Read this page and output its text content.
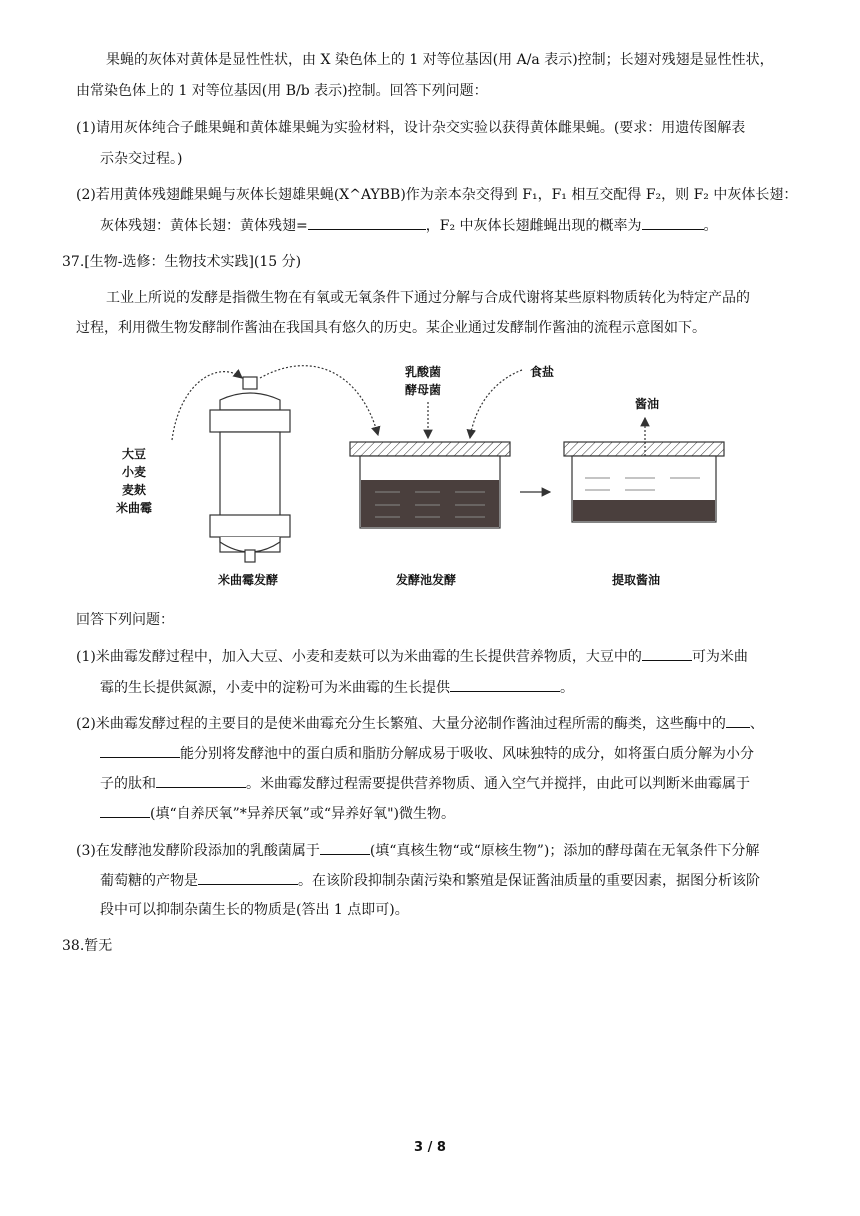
果蝇的灰体对黄体是显性性状，由 X 染色体上的 1 对等位基因(用 A/a 表示)控制；长翅对残翅是显性性状，
由常染色体上的 1 对等位基因(用 B/b 表示)控制。回答下列问题：
(1)请用灰体纯合子雌果蝇和黄体雄果蝇为实验材料，设计杂交实验以获得黄体雌果蝇。(要求：用遗传图解表
示杂交过程。)
(2)若用黄体残翅雌果蝇与灰体长翅雄果蝇(X^AYBB)作为亲本杂交得到 F₁，F₁ 相互交配得 F₂，则 F₂ 中灰体长翅：
灰体残翅：黄体长翅：黄体残翅=	，F₂ 中灰体长翅雌蝇出现的概率为	。
37.[生物-选修：生物技术实践](15 分)
工业上所说的发酵是指微生物在有氧或无氧条件下通过分解与合成代谢将某些原料物质转化为特定产品的
过程，利用微生物发酵制作酱油在我国具有悠久的历史。某企业通过发酵制作酱油的流程示意图如下。
大豆
小麦
麦麸
米曲霉
乳酸菌
酵母菌
食盐
酱油
米曲霉发酵	发酵池发酵	提取酱油
回答下列问题：
(1)米曲霉发酵过程中，加入大豆、小麦和麦麸可以为米曲霉的生长提供营养物质，大豆中的	可为米曲
霉的生长提供氮源，小麦中的淀粉可为米曲霉的生长提供	。
(2)米曲霉发酵过程的主要目的是使米曲霉充分生长繁殖、大量分泌制作酱油过程所需的酶类，这些酶中的 、
能分别将发酵池中的蛋白质和脂肪分解成易于吸收、风味独特的成分，如将蛋白质分解为小分
子的肽和	。米曲霉发酵过程需要提供营养物质、通入空气并搅拌，由此可以判断米曲霉属于
(填“自养厌氧”*异养厌氧”或“异养好氧")微生物。
(3)在发酵池发酵阶段添加的乳酸菌属于	(填“真核生物“或“原核生物”)；添加的酵母菌在无氧条件下分解
葡萄糖的产物是	。在该阶段抑制杂菌污染和繁殖是保证酱油质量的重要因素，据图分析该阶
段中可以抑制杂菌生长的物质是(答出 1 点即可)。
38.暂无
3 / 8
